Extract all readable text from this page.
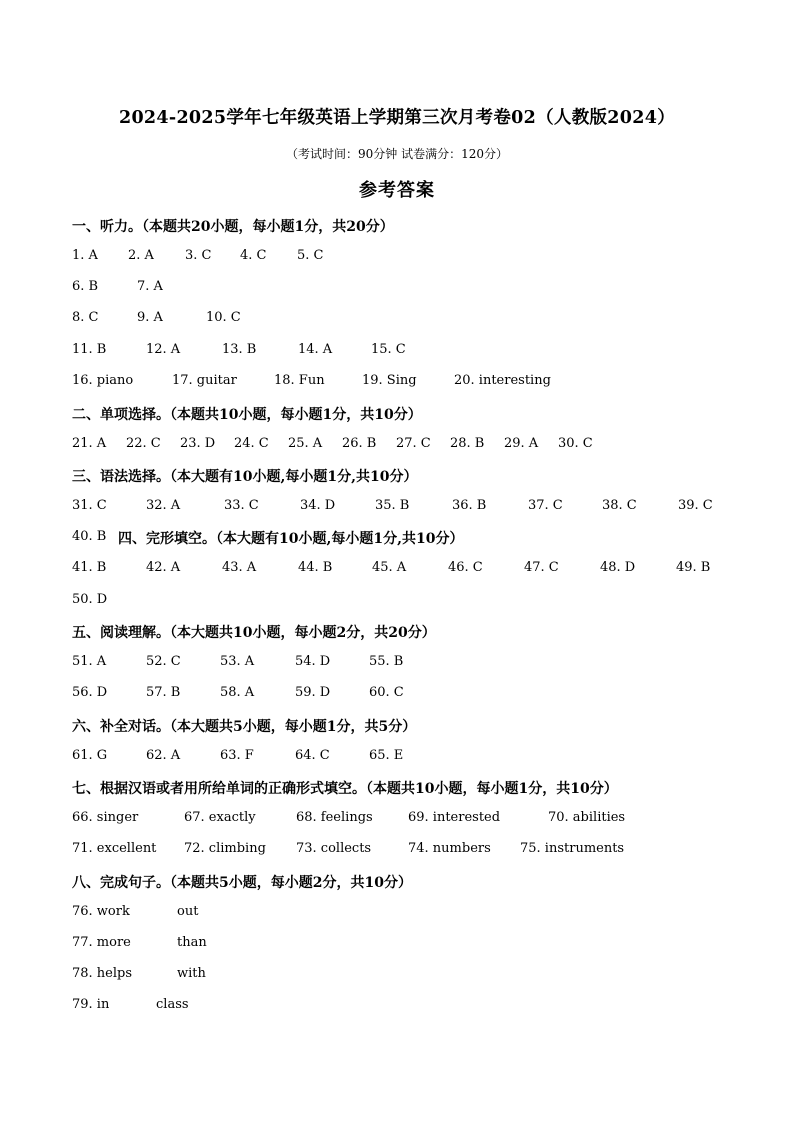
2024-2025学年七年级英语上学期第三次月考卷02（人教版2024）
（考试时间：90分钟 试卷满分：120分）
参考答案
一、听力。（本题共20小题，每小题1分，共20分）
1. A 2. A 3. C 4. C 5. C
6. B	7. A
8. C	9. A	10. C
11. B	12. A	13. B	14. A	15. C
16. piano	17. guitar	18. Fun	19. Sing	20. interesting
二、单项选择。（本题共10小题，每小题1分，共10分）
21. A 22. C 23. D 24. C 25. A 26. B 27. C 28. B 29. A 30. C
三、语法选择。（本大题有10小题,每小题1分,共10分）
31. C	32. A	33. C	34. D	35. B	36. B	37. C	38. C	39. C
40. B 四、完形填空。（本大题有10小题,每小题1分,共10分）
41. B	42. A	43. A	44. B	45. A	46. C	47. C	48. D	49. B
50. D
五、阅读理解。（本大题共10小题，每小题2分，共20分）
51. A	52. C	53. A	54. D	55. B
56. D	57. B	58. A	59. D	60. C
六、补全对话。（本大题共5小题，每小题1分，共5分）
61. G	62. A	63. F	64. C	65. E
七、根据汉语或者用所给单词的正确形式填空。（本题共10小题，每小题1分，共10分）
66. singer	67. exactly	68. feelings	69. interested	70. abilities
71. excellent 72. climbing 73. collects	74. numbers 75. instruments
八、完成句子。（本题共5小题，每小题2分，共10分）
76. work	out
77. more	than
78. helps	with
79. in	class
